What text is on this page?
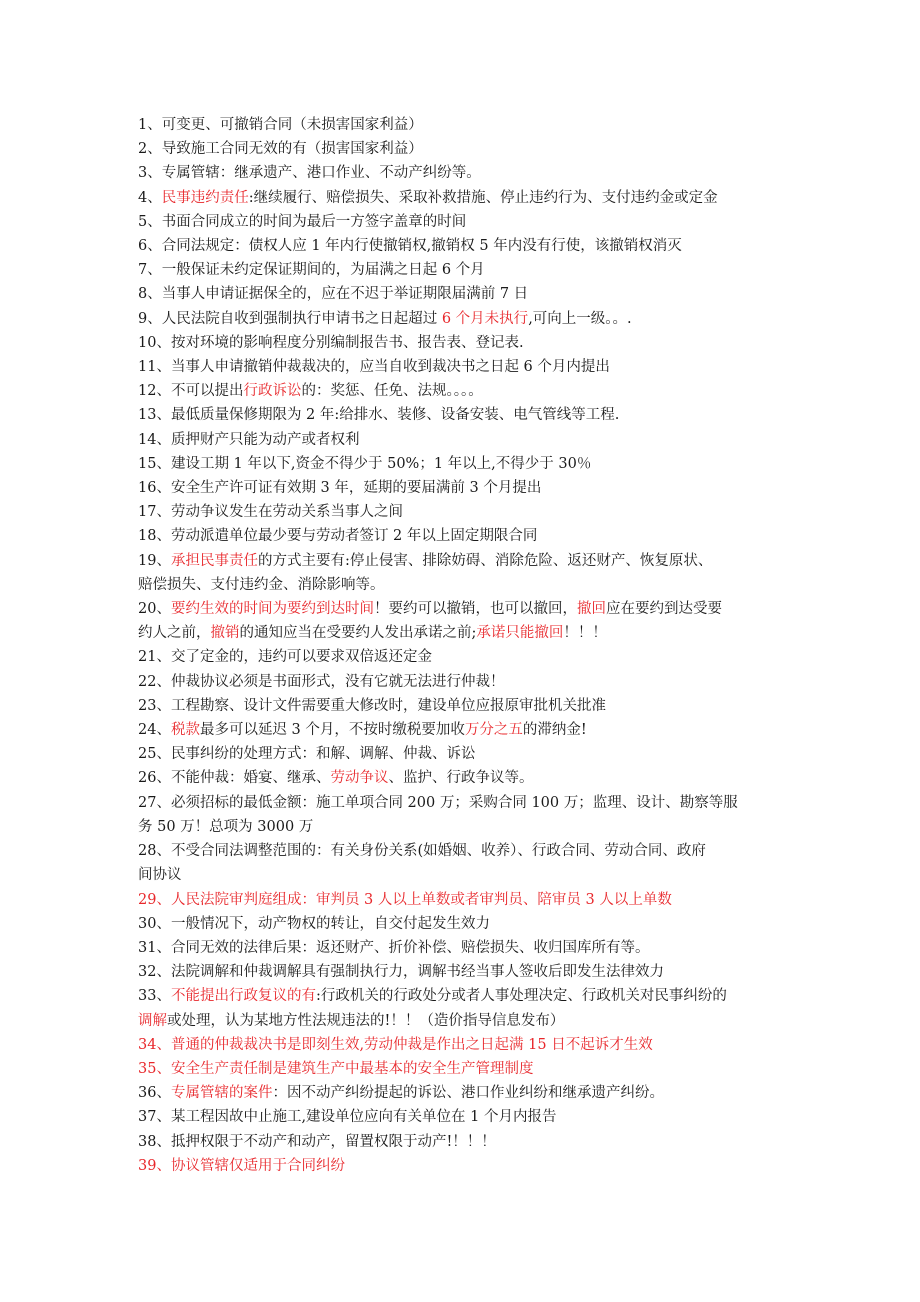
1、可变更、可撤销合同（未损害国家利益）
2、导致施工合同无效的有（损害国家利益）
3、专属管辖：继承遗产、港口作业、不动产纠纷等。
4、民事违约责任:继续履行、赔偿损失、采取补救措施、停止违约行为、支付违约金或定金
5、书面合同成立的时间为最后一方签字盖章的时间
6、合同法规定：债权人应 1 年内行使撤销权,撤销权 5 年内没有行使，该撤销权消灭
7、一般保证未约定保证期间的，为届满之日起 6 个月
8、当事人申请证据保全的，应在不迟于举证期限届满前 7 日
9、人民法院自收到强制执行申请书之日起超过 6 个月未执行,可向上一级。。.
10、按对环境的影响程度分别编制报告书、报告表、登记表.
11、当事人申请撤销仲裁裁决的，应当自收到裁决书之日起 6 个月内提出
12、不可以提出行政诉讼的：奖惩、任免、法规。。。。
13、最低质量保修期限为 2 年:给排水、装修、设备安装、电气管线等工程.
14、质押财产只能为动产或者权利
15、建设工期 1 年以下,资金不得少于 50%；1 年以上,不得少于 30％
16、安全生产许可证有效期 3 年，延期的要届满前 3 个月提出
17、劳动争议发生在劳动关系当事人之间
18、劳动派遣单位最少要与劳动者签订 2 年以上固定期限合同
19、承担民事责任的方式主要有:停止侵害、排除妨碍、消除危险、返还财产、恢复原状、
赔偿损失、支付违约金、消除影响等。
20、要约生效的时间为要约到达时间！要约可以撤销，也可以撤回，撤回应在要约到达受要
约人之前，撤销的通知应当在受要约人发出承诺之前;承诺只能撤回！！！
21、交了定金的，违约可以要求双倍返还定金
22、仲裁协议必须是书面形式，没有它就无法进行仲裁！
23、工程勘察、设计文件需要重大修改时，建设单位应报原审批机关批准
24、税款最多可以延迟 3 个月，不按时缴税要加收万分之五的滞纳金!
25、民事纠纷的处理方式：和解、调解、仲裁、诉讼
26、不能仲裁：婚宴、继承、劳动争议、监护、行政争议等。
27、必须招标的最低金额：施工单项合同 200 万；采购合同 100 万；监理、设计、勘察等服
务 50 万！总项为 3000 万
28、不受合同法调整范围的：有关身份关系(如婚姻、收养）、行政合同、劳动合同、政府
间协议
29、人民法院审判庭组成：审判员 3 人以上单数或者审判员、陪审员 3 人以上单数
30、一般情况下，动产物权的转让，自交付起发生效力
31、合同无效的法律后果：返还财产、折价补偿、赔偿损失、收归国库所有等。
32、法院调解和仲裁调解具有强制执行力，调解书经当事人签收后即发生法律效力
33、不能提出行政复议的有:行政机关的行政处分或者人事处理决定、行政机关对民事纠纷的
调解或处理，认为某地方性法规违法的!！！（造价指导信息发布）
34、普通的仲裁裁决书是即刻生效,劳动仲裁是作出之日起满 15 日不起诉才生效
35、安全生产责任制是建筑生产中最基本的安全生产管理制度
36、专属管辖的案件：因不动产纠纷提起的诉讼、港口作业纠纷和继承遗产纠纷。
37、某工程因故中止施工,建设单位应向有关单位在 1 个月内报告
38、抵押权限于不动产和动产，留置权限于动产!！！！
39、协议管辖仅适用于合同纠纷
